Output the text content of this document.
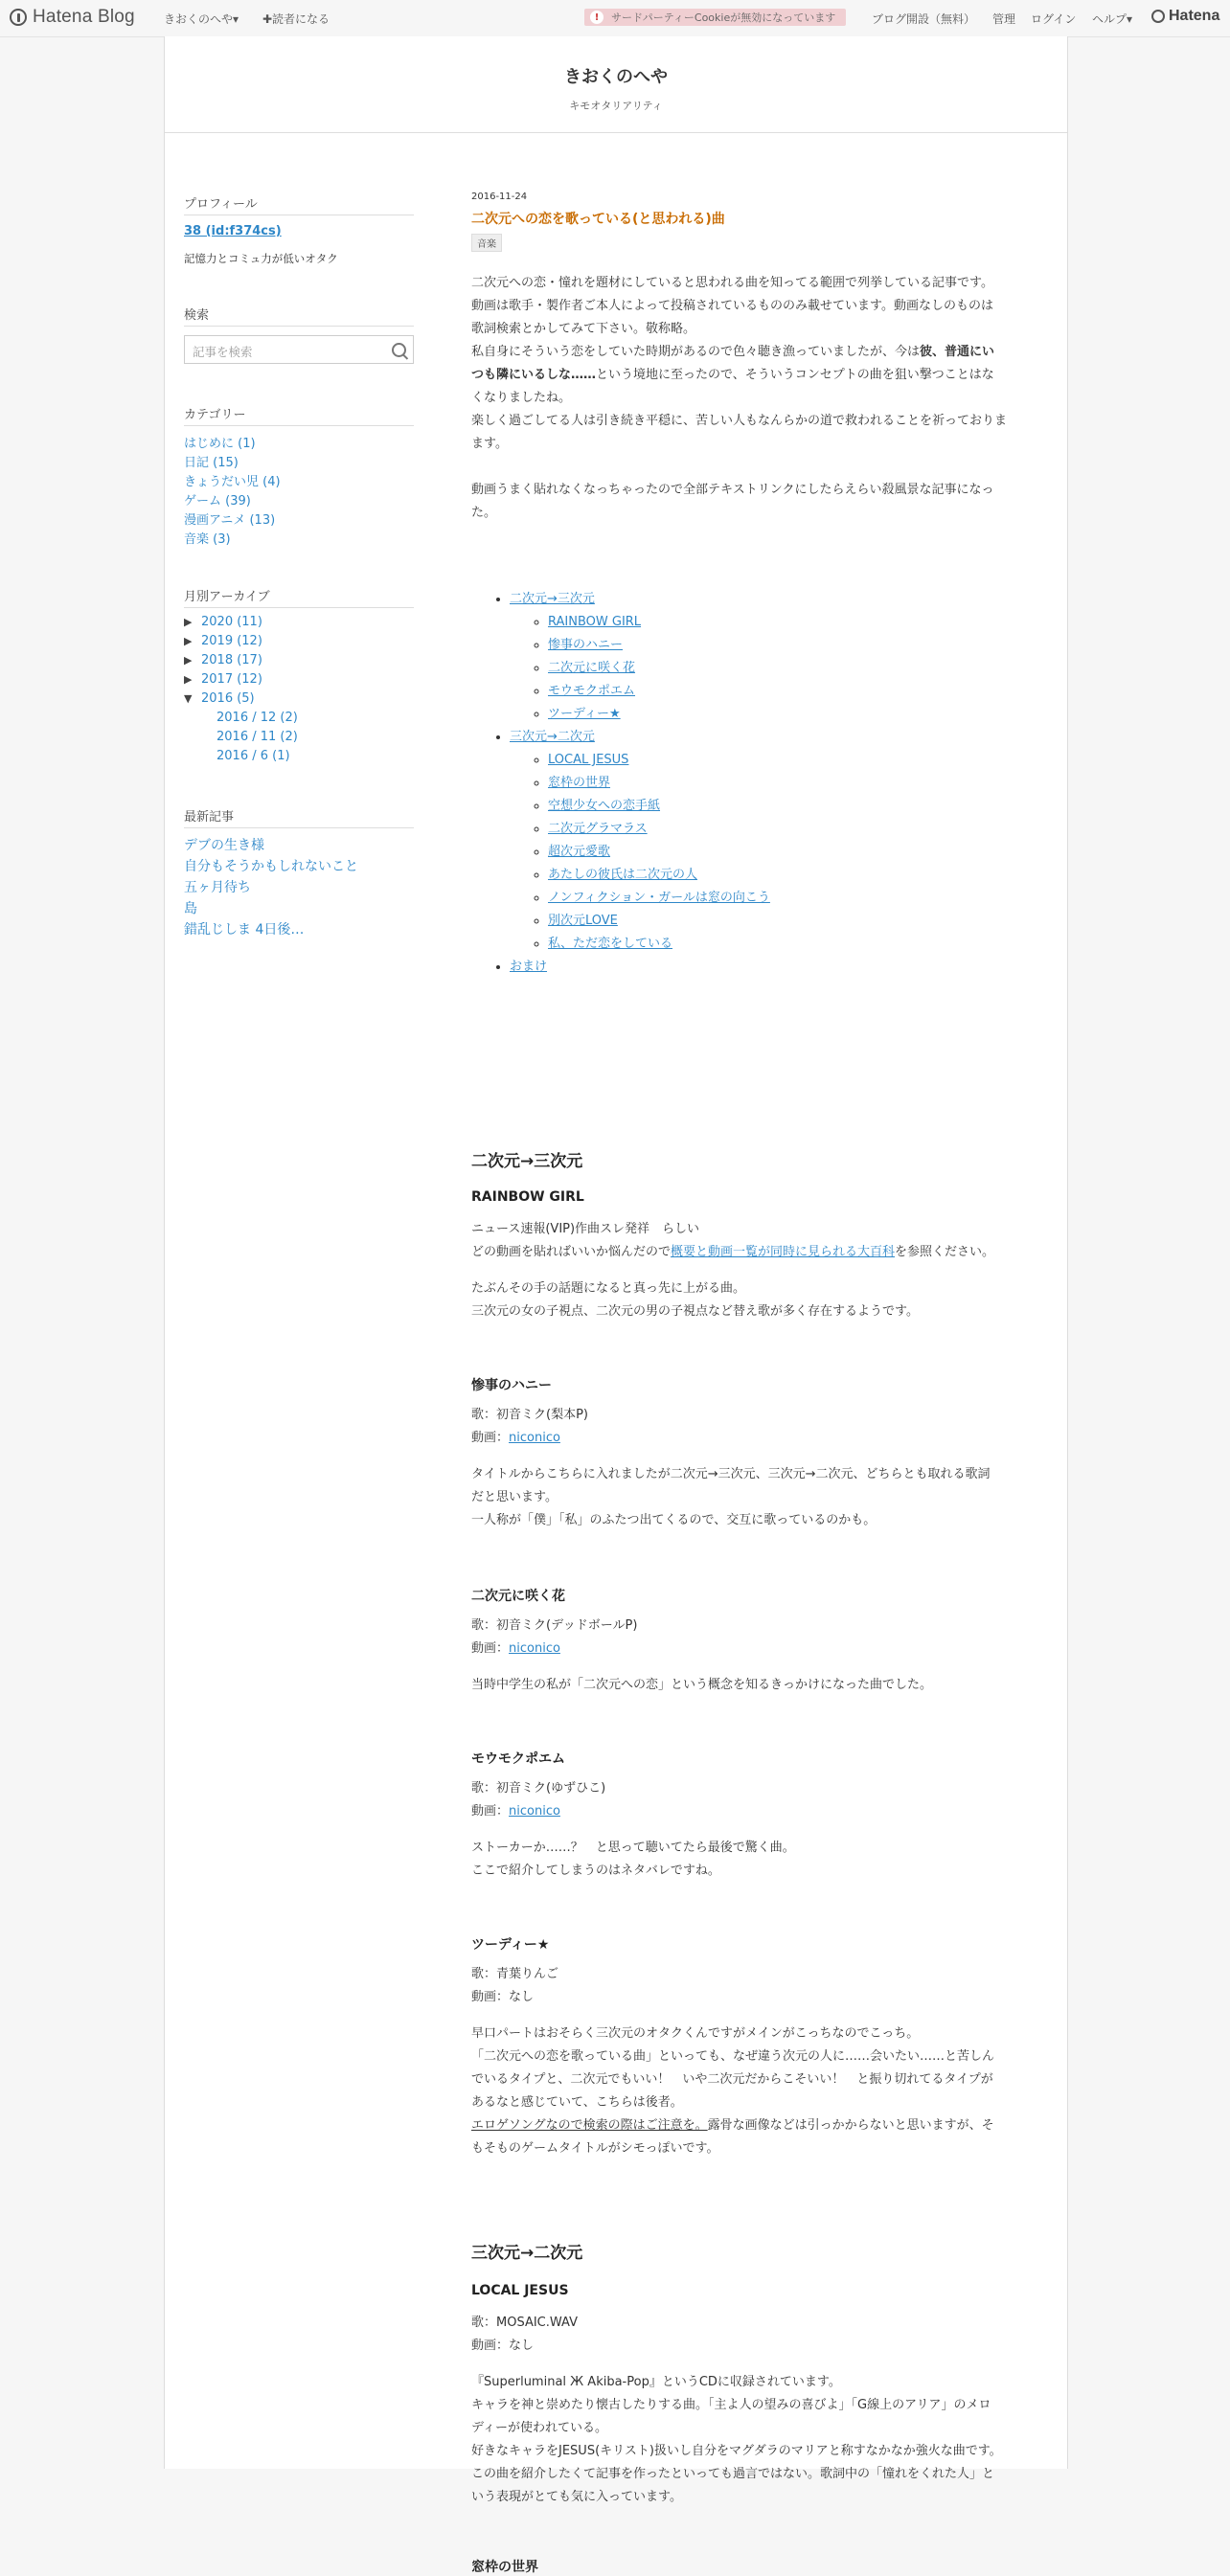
Hatena Blog	きおくのへや▾ ✚読者になる	!	サードパーティーCookieが無効になっています	ブログ開設（無料） 管理 ログイン ヘルプ▾ Hatena
きおくのへや
キモオタリアリティ
プロフィール
38 (id:f374cs)
記憶力とコミュ力が低いオタク
検索
記事を検索
カテゴリー
はじめに (1)
日記 (15)
きょうだい児 (4)
ゲーム (39)
漫画アニメ (13)
音楽 (3)
月別アーカイブ
▶ 2020 (11)
▶ 2019 (12)
▶ 2018 (17)
▶ 2017 (12)
▼ 2016 (5)
2016 / 12 (2)
2016 / 11 (2)
2016 / 6 (1)
最新記事
デブの生き様
自分もそうかもしれないこと
五ヶ月待ち
島
錯乱じしま 4日後…
2016-11-24
二次元への恋を歌っている(と思われる)曲
音楽
二次元への恋・憧れを題材にしていると思われる曲を知ってる範囲で列挙している記事です。
動画は歌手・製作者ご本人によって投稿されているもののみ載せています。動画なしのものは
歌詞検索とかしてみて下さい。敬称略。
私自身にそういう恋をしていた時期があるので色々聴き漁っていましたが、今は彼、普通にい
つも隣にいるしな……という境地に至ったので、そういうコンセプトの曲を狙い撃つことはな
くなりましたね。
楽しく過ごしてる人は引き続き平穏に、苦しい人もなんらかの道で救われることを祈っておりま
ます。
動画うまく貼れなくなっちゃったので全部テキストリンクにしたらえらい殺風景な記事になっ
た。
• 二次元→三次元
◦ RAINBOW GIRL
◦ 惨事のハニー
◦ 二次元に咲く花
◦ モウモクポエム
◦ ツーディー★
• 三次元→二次元
◦ LOCAL JESUS
◦ 窓枠の世界
◦ 空想少女への恋手紙
◦ 二次元グラマラス
◦ 超次元愛歌
◦ あたしの彼氏は二次元の人
◦ ノンフィクション・ガールは窓の向こう
◦ 別次元LOVE
◦ 私、ただ恋をしている
• おまけ
二次元→三次元
RAINBOW GIRL
ニュース速報(VIP)作曲スレ発祥　らしい
どの動画を貼ればいいか悩んだので概要と動画一覧が同時に見られる大百科を参照ください。
たぶんその手の話題になると真っ先に上がる曲。
三次元の女の子視点、二次元の男の子視点など替え歌が多く存在するようです。
惨事のハニー
歌：初音ミク(梨本P)
動画：niconico
タイトルからこちらに入れましたが二次元→三次元、三次元→二次元、どちらとも取れる歌詞
だと思います。
一人称が「僕」「私」のふたつ出てくるので、交互に歌っているのかも。
二次元に咲く花
歌：初音ミク(デッドボールP)
動画：niconico
当時中学生の私が「二次元への恋」という概念を知るきっかけになった曲でした。
モウモクポエム
歌：初音ミク(ゆずひこ)
動画：niconico
ストーカーか……？　と思って聴いてたら最後で驚く曲。
ここで紹介してしまうのはネタバレですね。
ツーディー★
歌：青葉りんご
動画：なし
早口パートはおそらく三次元のオタクくんですがメインがこっちなのでこっち。
「二次元への恋を歌っている曲」といっても、なぜ違う次元の人に……会いたい……と苦しん
でいるタイプと、二次元でもいい！　いや二次元だからこそいい！　と振り切れてるタイプが
あるなと感じていて、こちらは後者。
エロゲソングなので検索の際はご注意を。露骨な画像などは引っかからないと思いますが、そ
もそものゲームタイトルがシモっぽいです。
三次元→二次元
LOCAL JESUS
歌：MOSAIC.WAV
動画：なし
『Superluminal Ж Akiba-Pop』というCDに収録されています。
キャラを神と崇めたり懐古したりする曲。「主よ人の望みの喜びよ」「G線上のアリア」のメロ
ディーが使われている。
好きなキャラをJESUS(キリスト)扱いし自分をマグダラのマリアと称すなかなか強火な曲です。
この曲を紹介したくて記事を作ったといっても過言ではない。歌詞中の「憧れをくれた人」と
いう表現がとても気に入っています。
窓枠の世界
